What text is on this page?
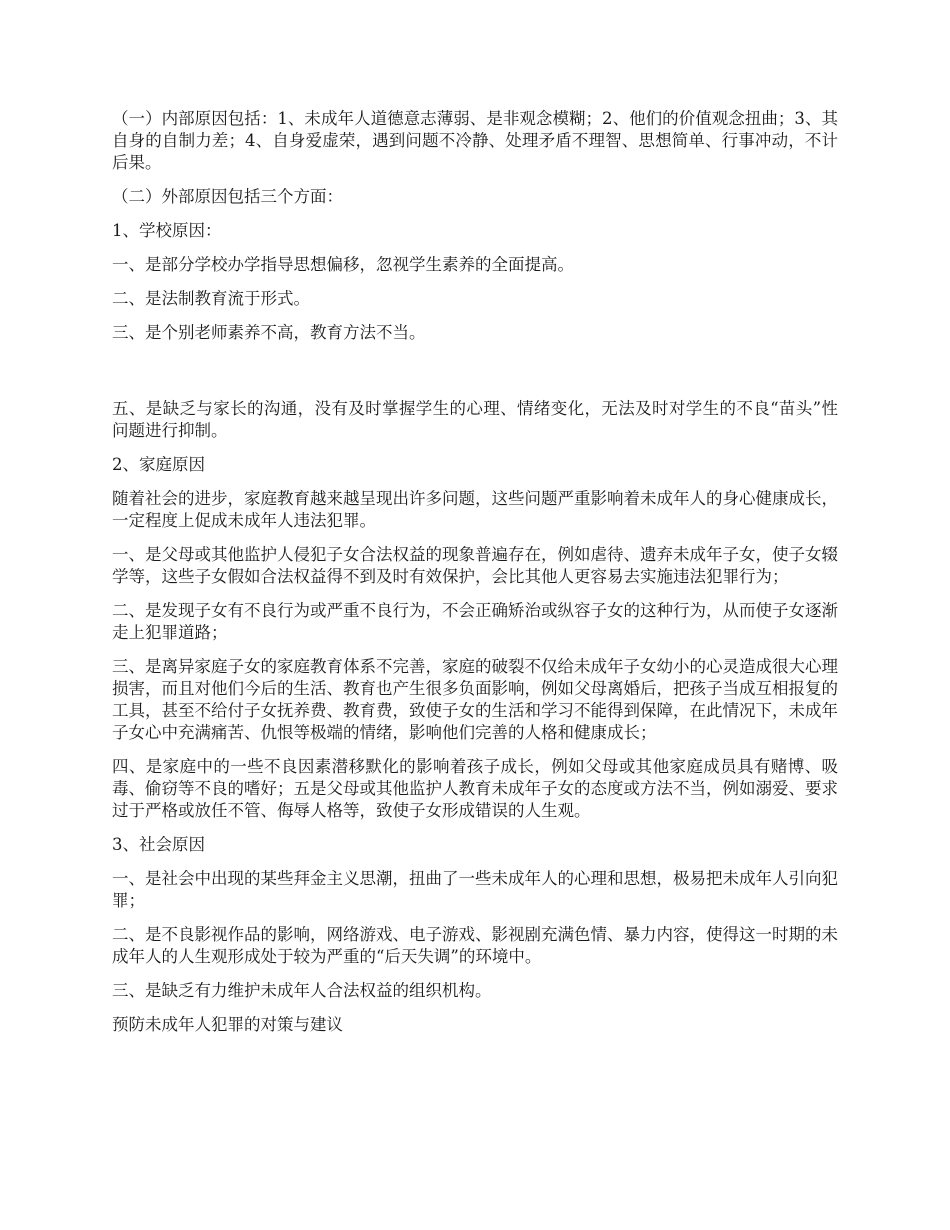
（一）内部原因包括：1、未成年人道德意志薄弱、是非观念模糊；2、他们的价值观念扭曲；3、其自身的自制力差；4、自身爱虚荣，遇到问题不冷静、处理矛盾不理智、思想简单、行事冲动，不计后果。

（二）外部原因包括三个方面：

1、学校原因：

一、是部分学校办学指导思想偏移，忽视学生素养的全面提高。

二、是法制教育流于形式。

三、是个别老师素养不高，教育方法不当。

五、是缺乏与家长的沟通，没有及时掌握学生的心理、情绪变化，无法及时对学生的不良“苗头”性问题进行抑制。

2、家庭原因

随着社会的进步，家庭教育越来越呈现出许多问题，这些问题严重影响着未成年人的身心健康成长，一定程度上促成未成年人违法犯罪。

一、是父母或其他监护人侵犯子女合法权益的现象普遍存在，例如虐待、遗弃未成年子女，使子女辍学等，这些子女假如合法权益得不到及时有效保护，会比其他人更容易去实施违法犯罪行为；

二、是发现子女有不良行为或严重不良行为，不会正确矫治或纵容子女的这种行为，从而使子女逐渐走上犯罪道路；

三、是离异家庭子女的家庭教育体系不完善，家庭的破裂不仅给未成年子女幼小的心灵造成很大心理损害，而且对他们今后的生活、教育也产生很多负面影响，例如父母离婚后，把孩子当成互相报复的工具，甚至不给付子女抚养费、教育费，致使子女的生活和学习不能得到保障，在此情况下，未成年子女心中充满痛苦、仇恨等极端的情绪，影响他们完善的人格和健康成长；

四、是家庭中的一些不良因素潜移默化的影响着孩子成长，例如父母或其他家庭成员具有赌博、吸毒、偷窃等不良的嗜好；五是父母或其他监护人教育未成年子女的态度或方法不当，例如溺爱、要求过于严格或放任不管、侮辱人格等，致使子女形成错误的人生观。

3、社会原因

一、是社会中出现的某些拜金主义思潮，扭曲了一些未成年人的心理和思想，极易把未成年人引向犯罪；

二、是不良影视作品的影响，网络游戏、电子游戏、影视剧充满色情、暴力内容，使得这一时期的未成年人的人生观形成处于较为严重的“后天失调”的环境中。

三、是缺乏有力维护未成年人合法权益的组织机构。

预防未成年人犯罪的对策与建议
